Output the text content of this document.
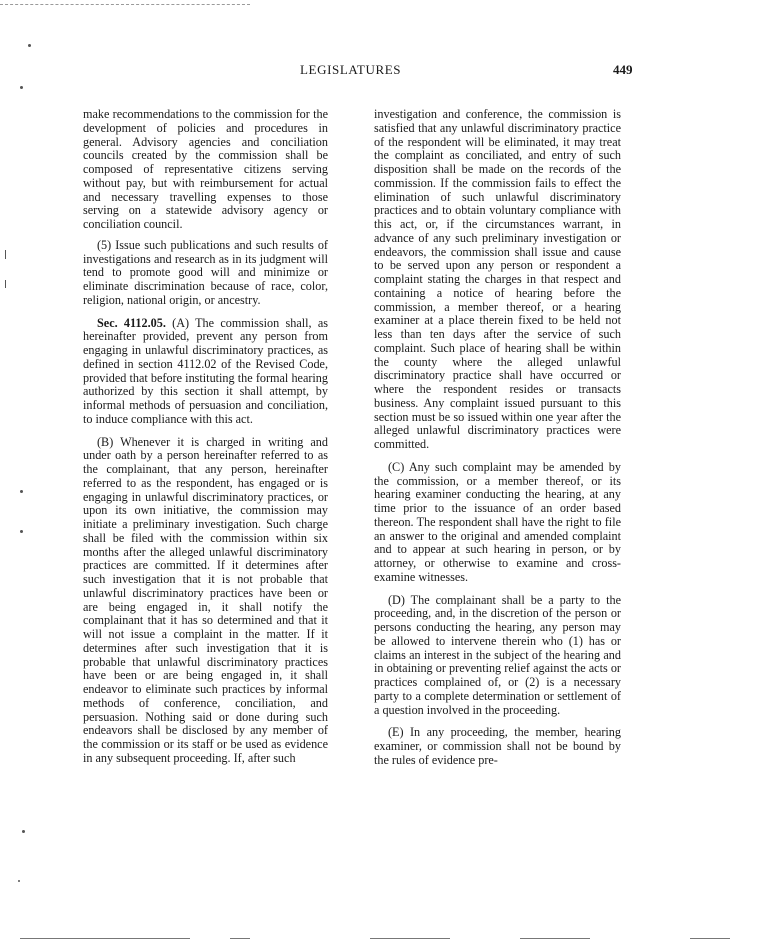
LEGISLATURES	449

make recommendations to the commission for the development of policies and procedures in general. Advisory agencies and conciliation councils created by the commission shall be composed of representative citizens serving without pay, but with reimbursement for actual and necessary travelling expenses to those serving on a statewide advisory agency or conciliation council.

(5) Issue such publications and such results of investigations and research as in its judgment will tend to promote good will and minimize or eliminate discrimination because of race, color, religion, national origin, or ancestry.

Sec. 4112.05. (A) The commission shall, as hereinafter provided, prevent any person from engaging in unlawful discriminatory practices, as defined in section 4112.02 of the Revised Code, provided that before instituting the formal hearing authorized by this section it shall attempt, by informal methods of persuasion and conciliation, to induce compliance with this act.

(B) Whenever it is charged in writing and under oath by a person hereinafter referred to as the complainant, that any person, hereinafter referred to as the respondent, has engaged or is engaging in unlawful discriminatory practices, or upon its own initiative, the commission may initiate a preliminary investigation. Such charge shall be filed with the commission within six months after the alleged unlawful discriminatory practices are committed. If it determines after such investigation that it is not probable that unlawful discriminatory practices have been or are being engaged in, it shall notify the complainant that it has so determined and that it will not issue a complaint in the matter. If it determines after such investigation that it is probable that unlawful discriminatory practices have been or are being engaged in, it shall endeavor to eliminate such practices by informal methods of conference, conciliation, and persuasion. Nothing said or done during such endeavors shall be disclosed by any member of the commission or its staff or be used as evidence in any subsequent proceeding. If, after such

investigation and conference, the commission is satisfied that any unlawful discriminatory practice of the respondent will be eliminated, it may treat the complaint as conciliated, and entry of such disposition shall be made on the records of the commission. If the commission fails to effect the elimination of such unlawful discriminatory practices and to obtain voluntary compliance with this act, or, if the circumstances warrant, in advance of any such preliminary investigation or endeavors, the commission shall issue and cause to be served upon any person or respondent a complaint stating the charges in that respect and containing a notice of hearing before the commission, a member thereof, or a hearing examiner at a place therein fixed to be held not less than ten days after the service of such complaint. Such place of hearing shall be within the county where the alleged unlawful discriminatory practice shall have occurred or where the respondent resides or transacts business. Any complaint issued pursuant to this section must be so issued within one year after the alleged unlawful discriminatory practices were committed.

(C) Any such complaint may be amended by the commission, or a member thereof, or its hearing examiner conducting the hearing, at any time prior to the issuance of an order based thereon. The respondent shall have the right to file an answer to the original and amended complaint and to appear at such hearing in person, or by attorney, or otherwise to examine and cross-examine witnesses.

(D) The complainant shall be a party to the proceeding, and, in the discretion of the person or persons conducting the hearing, any person may be allowed to intervene therein who (1) has or claims an interest in the subject of the hearing and in obtaining or preventing relief against the acts or practices complained of, or (2) is a necessary party to a complete determination or settlement of a question involved in the proceeding.

(E) In any proceeding, the member, hearing examiner, or commission shall not be bound by the rules of evidence pre-
